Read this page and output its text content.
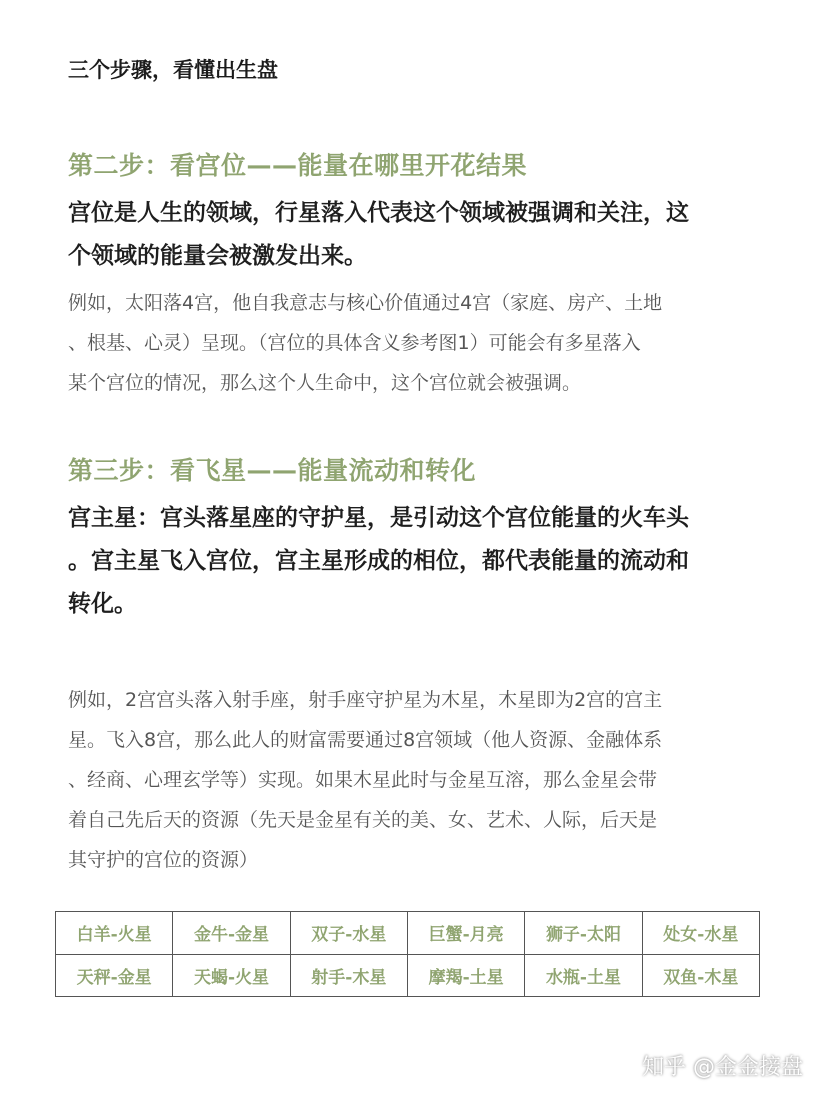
三个步骤，看懂出生盘
第二步：看宫位——能量在哪里开花结果
宫位是人生的领域，行星落入代表这个领域被强调和关注，这
个领域的能量会被激发出来。
例如，太阳落4宫，他自我意志与核心价值通过4宫（家庭、房产、土地
、根基、心灵）呈现。（宫位的具体含义参考图1）可能会有多星落入
某个宫位的情况，那么这个人生命中，这个宫位就会被强调。
第三步：看飞星——能量流动和转化
宫主星：宫头落星座的守护星，是引动这个宫位能量的火车头
。宫主星飞入宫位，宫主星形成的相位，都代表能量的流动和
转化。
例如，2宫宫头落入射手座，射手座守护星为木星，木星即为2宫的宫主
星。飞入8宫，那么此人的财富需要通过8宫领域（他人资源、金融体系
、经商、心理玄学等）实现。如果木星此时与金星互溶，那么金星会带
着自己先后天的资源（先天是金星有关的美、女、艺术、人际，后天是
其守护的宫位的资源）
白羊-火星	金牛-金星	双子-水星	巨蟹-月亮	狮子-太阳	处女-水星
天秤-金星	天蝎-火星	射手-木星	摩羯-土星	水瓶-土星	双鱼-木星
知乎 @金金接盘
